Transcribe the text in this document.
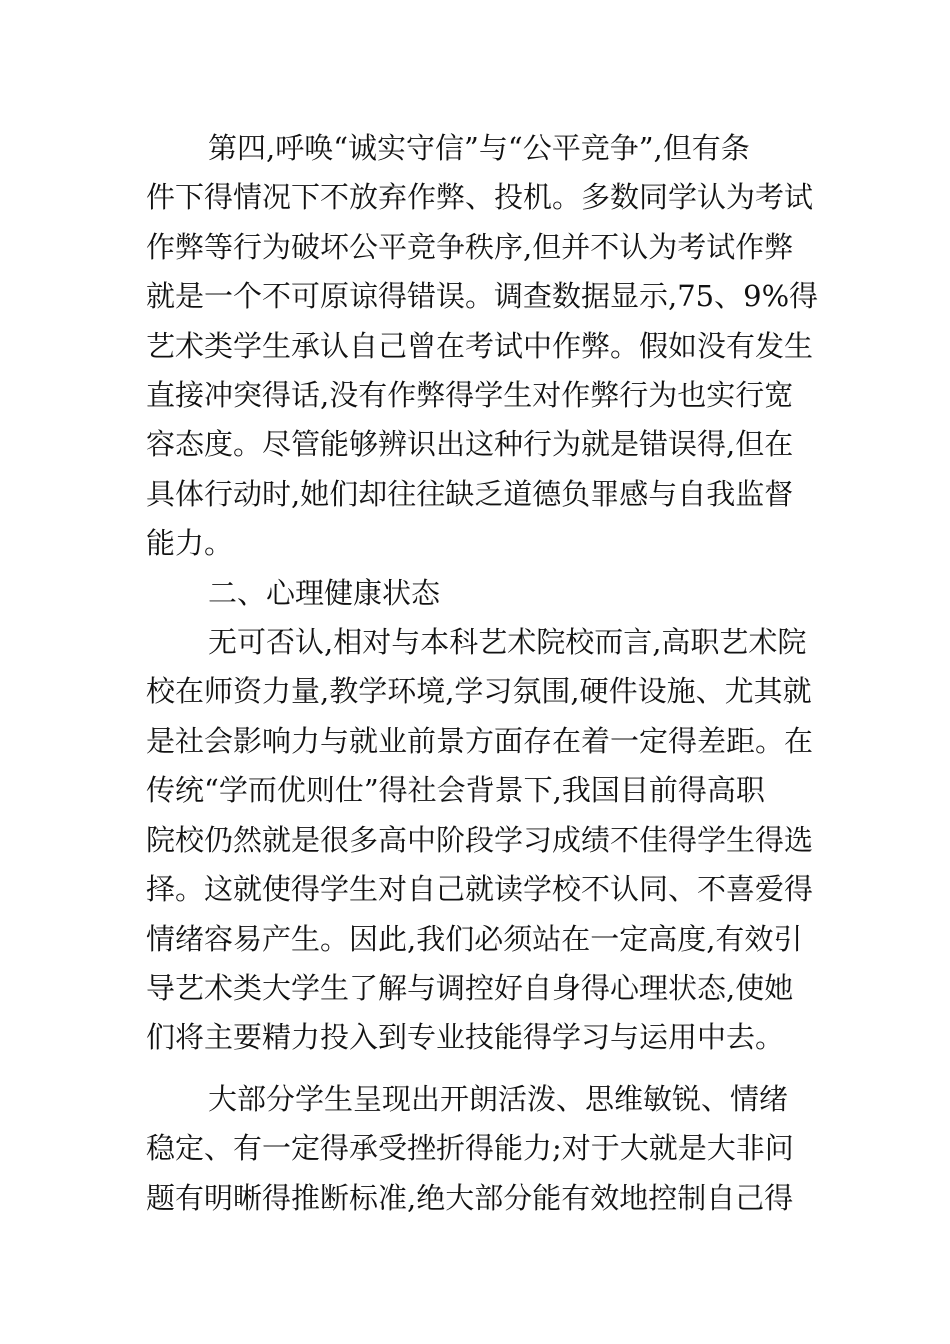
第四,呼唤“诚实守信”与“公平竞争”,但有条
件下得情况下不放弃作弊、投机。多数同学认为考试
作弊等行为破坏公平竞争秩序,但并不认为考试作弊
就是一个不可原谅得错误。调查数据显示,75、9%得
艺术类学生承认自己曾在考试中作弊。假如没有发生
直接冲突得话,没有作弊得学生对作弊行为也实行宽
容态度。尽管能够辨识出这种行为就是错误得,但在
具体行动时,她们却往往缺乏道德负罪感与自我监督
能力。

二、心理健康状态

无可否认,相对与本科艺术院校而言,高职艺术院
校在师资力量,教学环境,学习氛围,硬件设施、尤其就
是社会影响力与就业前景方面存在着一定得差距。在
传统“学而优则仕”得社会背景下,我国目前得高职
院校仍然就是很多高中阶段学习成绩不佳得学生得选
择。这就使得学生对自己就读学校不认同、不喜爱得
情绪容易产生。因此,我们必须站在一定高度,有效引
导艺术类大学生了解与调控好自身得心理状态,使她
们将主要精力投入到专业技能得学习与运用中去。

大部分学生呈现出开朗活泼、思维敏锐、情绪
稳定、有一定得承受挫折得能力;对于大就是大非问
题有明晰得推断标准,绝大部分能有效地控制自己得
